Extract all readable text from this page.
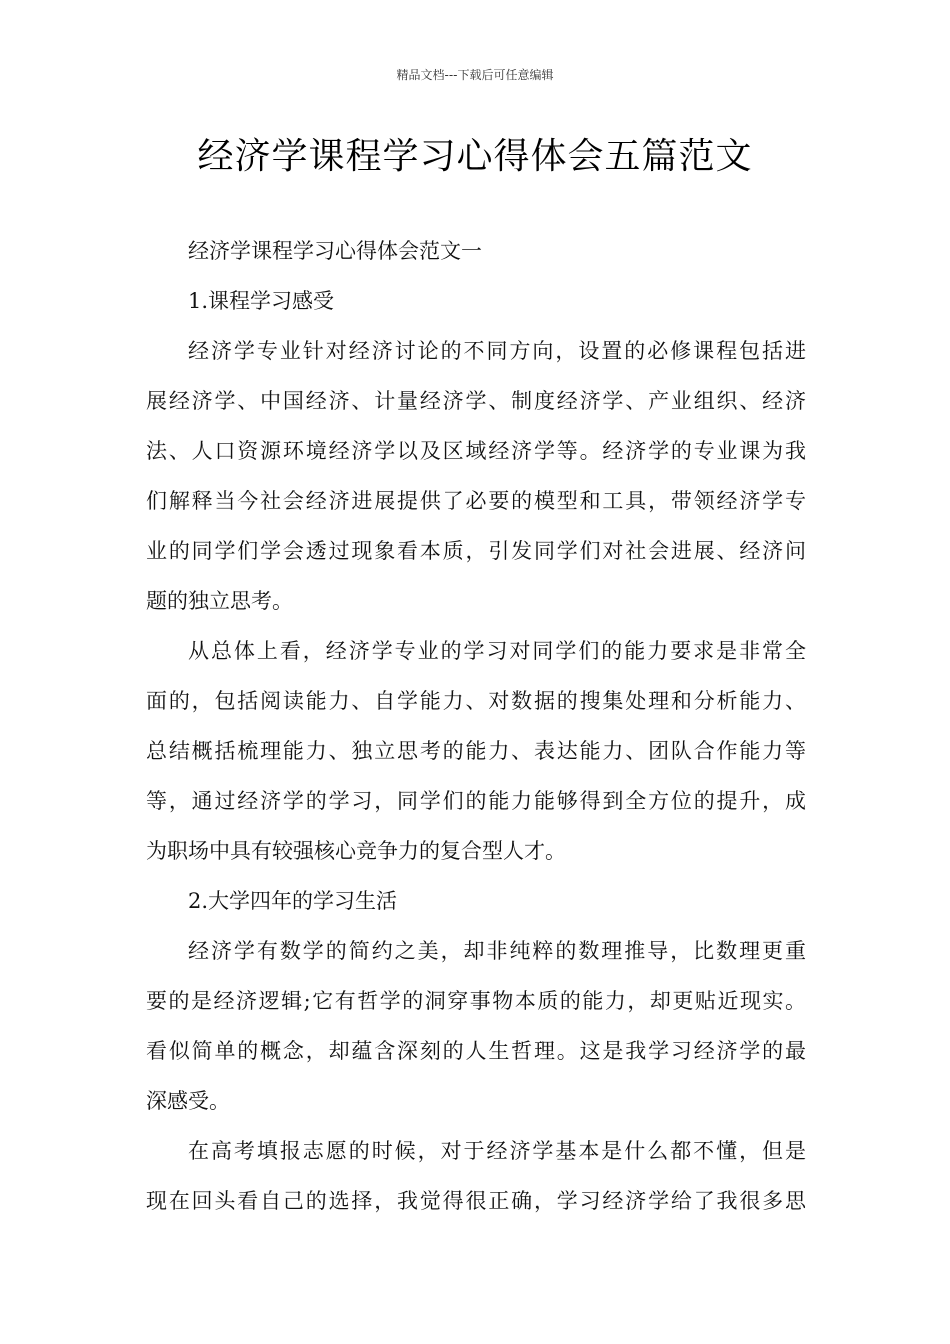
精品文档---下载后可任意编辑
经济学课程学习心得体会五篇范文
经济学课程学习心得体会范文一
1.课程学习感受
经济学专业针对经济讨论的不同方向，设置的必修课程包括进
展经济学、中国经济、计量经济学、制度经济学、产业组织、经济
法、人口资源环境经济学以及区域经济学等。经济学的专业课为我
们解释当今社会经济进展提供了必要的模型和工具，带领经济学专
业的同学们学会透过现象看本质，引发同学们对社会进展、经济问
题的独立思考。
从总体上看，经济学专业的学习对同学们的能力要求是非常全
面的，包括阅读能力、自学能力、对数据的搜集处理和分析能力、
总结概括梳理能力、独立思考的能力、表达能力、团队合作能力等
等，通过经济学的学习，同学们的能力能够得到全方位的提升，成
为职场中具有较强核心竞争力的复合型人才。
2.大学四年的学习生活
经济学有数学的简约之美，却非纯粹的数理推导，比数理更重
要的是经济逻辑;它有哲学的洞穿事物本质的能力，却更贴近现实。
看似简单的概念，却蕴含深刻的人生哲理。这是我学习经济学的最
深感受。
在高考填报志愿的时候，对于经济学基本是什么都不懂，但是
现在回头看自己的选择，我觉得很正确，学习经济学给了我很多思
